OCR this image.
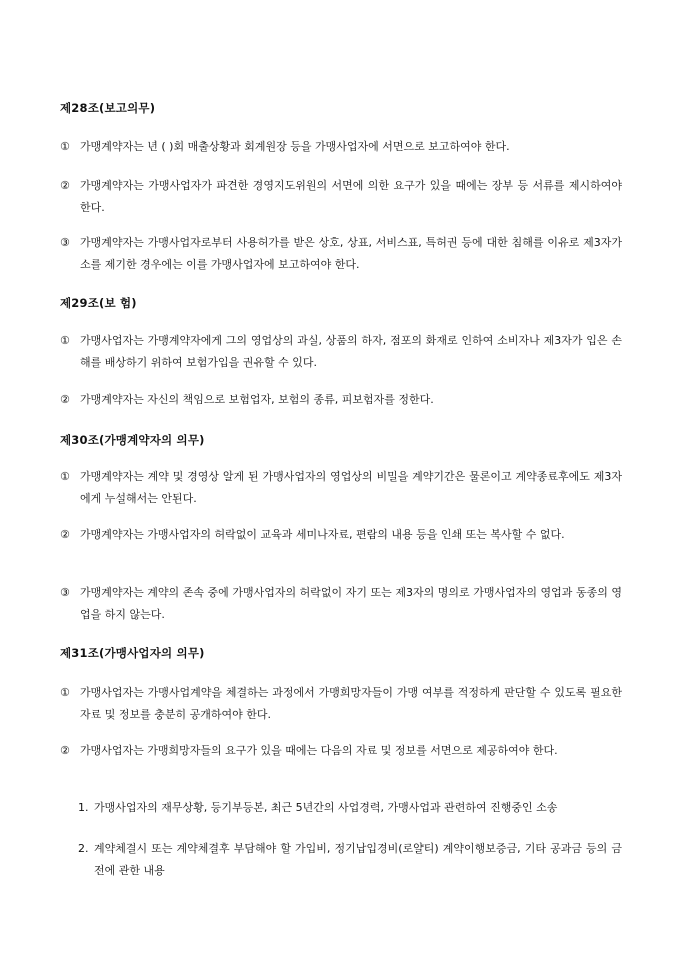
제28조(보고의무)
① 가맹계약자는 년 ( )회 매출상황과 회계원장 등을 가맹사업자에 서면으로 보고하여야 한다.
② 가맹계약자는 가맹사업자가 파견한 경영지도위원의 서면에 의한 요구가 있을 때에는 장부 등 서류를 제시하여야 한다.
③ 가맹계약자는 가맹사업자로부터 사용허가를 받은 상호, 상표, 서비스표, 특허권 등에 대한 침해를 이유로 제3자가 소를 제기한 경우에는 이를 가맹사업자에 보고하여야 한다.
제29조(보 험)
① 가맹사업자는 가맹계약자에게 그의 영업상의 과실, 상품의 하자, 점포의 화재로 인하여 소비자나 제3자가 입은 손해를 배상하기 위하여 보험가입을 권유할 수 있다.
② 가맹계약자는 자신의 책임으로 보험업자, 보험의 종류, 피보험자를 정한다.
제30조(가맹계약자의 의무)
① 가맹계약자는 계약 및 경영상 알게 된 가맹사업자의 영업상의 비밀을 계약기간은 물론이고 계약종료후에도 제3자에게 누설해서는 안된다.
② 가맹계약자는 가맹사업자의 허락없이 교육과 세미나자료, 편람의 내용 등을 인쇄 또는 복사할 수 없다.
③ 가맹계약자는 계약의 존속 중에 가맹사업자의 허락없이 자기 또는 제3자의 명의로 가맹사업자의 영업과 동종의 영업을 하지 않는다.
제31조(가맹사업자의 의무)
① 가맹사업자는 가맹사업계약을 체결하는 과정에서 가맹희망자들이 가맹 여부를 적정하게 판단할 수 있도록 필요한 자료 및 정보를 충분히 공개하여야 한다.
② 가맹사업자는 가맹희망자들의 요구가 있을 때에는 다음의 자료 및 정보를 서면으로 제공하여야 한다.
1. 가맹사업자의 재무상황, 등기부등본, 최근 5년간의 사업경력, 가맹사업과 관련하여 진행중인 소송
2. 계약체결시 또는 계약체결후 부담해야 할 가입비, 정기납입경비(로얄티) 계약이행보증금, 기타 공과금 등의 금전에 관한 내용
